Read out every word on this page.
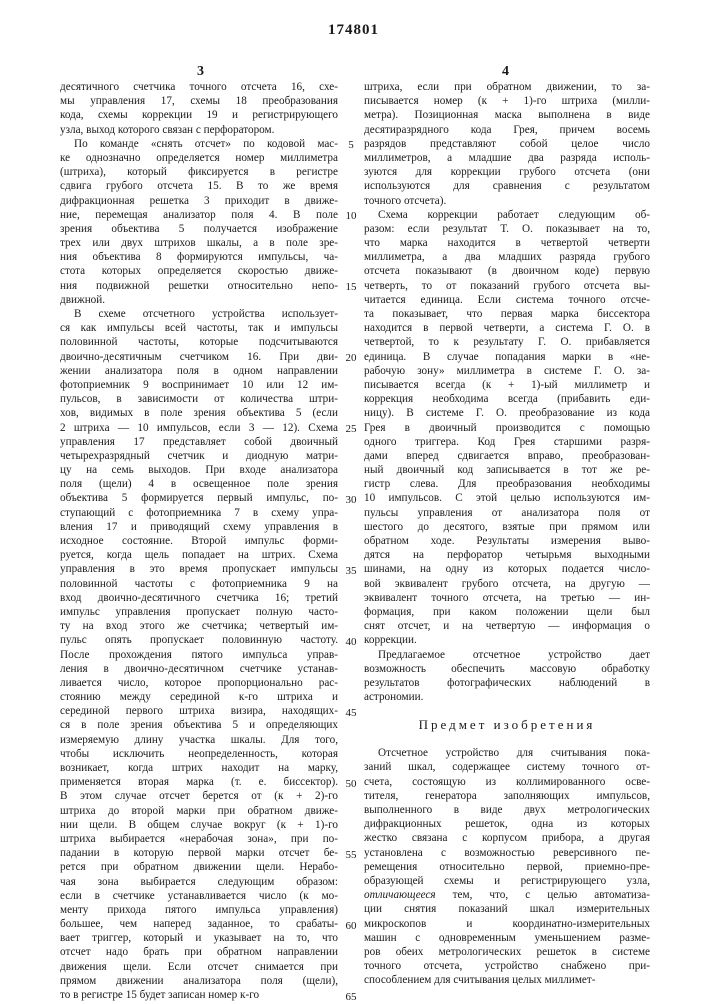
174801
3	4
десятичного счетчика точного отсчета 16, схе-
мы управления 17, схемы 18 преобразования
кода, схемы коррекции 19 и регистрирующего
узла, выход которого связан с перфоратором.
По команде «снять отсчет» по кодовой мас-
ке однозначно определяется номер миллиметра
(штриха), который фиксируется в регистре
сдвига грубого отсчета 15. В то же время
дифракционная решетка 3 приходит в движе-
ние, перемещая анализатор поля 4. В поле
зрения объектива 5 получается изображение
трех или двух штрихов шкалы, а в поле зре-
ния объектива 8 формируются импульсы, ча-
стота которых определяется скоростью движе-
ния подвижной решетки относительно непо-
движной.
В схеме отсчетного устройства использует-
ся как импульсы всей частоты, так и импульсы
половинной частоты, которые подсчитываются
двоично-десятичным счетчиком 16. При дви-
жении анализатора поля в одном направлении
фотоприемник 9 воспринимает 10 или 12 им-
пульсов, в зависимости от количества штри-
хов, видимых в поле зрения объектива 5 (если
2 штриха — 10 импульсов, если 3 — 12). Схема
управления 17 представляет собой двоичный
четырехразрядный счетчик и диодную матри-
цу на семь выходов. При входе анализатора
поля (щели) 4 в освещенное поле зрения
объектива 5 формируется первый импульс, по-
ступающий с фотоприемника 7 в схему упра-
вления 17 и приводящий схему управления в
исходное состояние. Второй импульс форми-
руется, когда щель попадает на штрих. Схема
управления в это время пропускает импульсы
половинной частоты с фотоприемника 9 на
вход двоично-десятичного счетчика 16; третий
импульс управления пропускает полную часто-
ту на вход этого же счетчика; четвертый им-
пульс опять пропускает половинную частоту.
После прохождения пятого импульса управ-
ления в двоично-десятичном счетчике устанав-
ливается число, которое пропорционально рас-
стоянию между серединой к-го штриха и
серединой первого штриха визира, находящих-
ся в поле зрения объектива 5 и определяющих
измеряемую длину участка шкалы. Для того,
чтобы исключить неопределенность, которая
возникает, когда штрих находит на марку,
применяется вторая марка (т. е. биссектор).
В этом случае отсчет берется от (к + 2)-го
штриха до второй марки при обратном движе-
нии щели. В общем случае вокруг (к + 1)-го
штриха выбирается «нерабочая зона», при по-
падании в которую первой марки отсчет бе-
рется при обратном движении щели. Нерабо-
чая зона выбирается следующим образом:
если в счетчике устанавливается число (к мо-
менту прихода пятого импульса управления)
большее, чем наперед заданное, то срабаты-
вает триггер, который и указывает на то, что
отсчет надо брать при обратном направлении
движения щели. Если отсчет снимается при
прямом движении анализатора поля (щели),
то в регистре 15 будет записан номер к-го
5
10
15
20
25
30
35
40
45
50
55
60
65
штриха, если при обратном движении, то за-
писывается номер (к + 1)-го штриха (милли-
метра). Позиционная маска выполнена в виде
десятиразрядного кода Грея, причем восемь
разрядов представляют собой целое число
миллиметров, а младшие два разряда исполь-
зуются для коррекции грубого отсчета (они
используются для сравнения с результатом
точного отсчета).
Схема коррекции работает следующим об-
разом: если результат Т. О. показывает на то,
что марка находится в четвертой четверти
миллиметра, а два младших разряда грубого
отсчета показывают (в двоичном коде) первую
четверть, то от показаний грубого отсчета вы-
читается единица. Если система точного отсче-
та показывает, что первая марка биссектора
находится в первой четверти, а система Г. О. в
четвертой, то к результату Г. О. прибавляется
единица. В случае попадания марки в «не-
рабочую зону» миллиметра в системе Г. О. за-
писывается всегда (к + 1)-ый миллиметр и
коррекция необходима всегда (прибавить еди-
ницу). В системе Г. О. преобразование из кода
Грея в двоичный производится с помощью
одного триггера. Код Грея старшими разря-
дами вперед сдвигается вправо, преобразован-
ный двоичный код записывается в тот же ре-
гистр слева. Для преобразования необходимы
10 импульсов. С этой целью используются им-
пульсы управления от анализатора поля от
шестого до десятого, взятые при прямом или
обратном ходе. Результаты измерения выво-
дятся на перфоратор четырьмя выходными
шинами, на одну из которых подается число-
вой эквивалент грубого отсчета, на другую —
эквивалент точного отсчета, на третью — ин-
формация, при каком положении щели был
снят отсчет, и на четвертую — информация о
коррекции.
Предлагаемое отсчетное устройство дает
возможность обеспечить массовую обработку
результатов фотографических наблюдений в
астрономии.
Предмет изобретения
Отсчетное устройство для считывания пока-
заний шкал, содержащее систему точного от-
счета, состоящую из коллимированного осве-
тителя, генератора заполняющих импульсов,
выполненного в виде двух метрологических
дифракционных решеток, одна из которых
жестко связана с корпусом прибора, а другая
установлена с возможностью реверсивного пе-
ремещения относительно первой, приемно-пре-
образующей схемы и регистрирующего узла,
отличающееся тем, что, с целью автоматиза-
ции снятия показаний шкал измерительных
микроскопов и координатно-измерительных
машин с одновременным уменьшением разме-
ров обеих метрологических решеток в системе
точного отсчета, устройство снабжено при-
способлением для считывания целых миллимет-
